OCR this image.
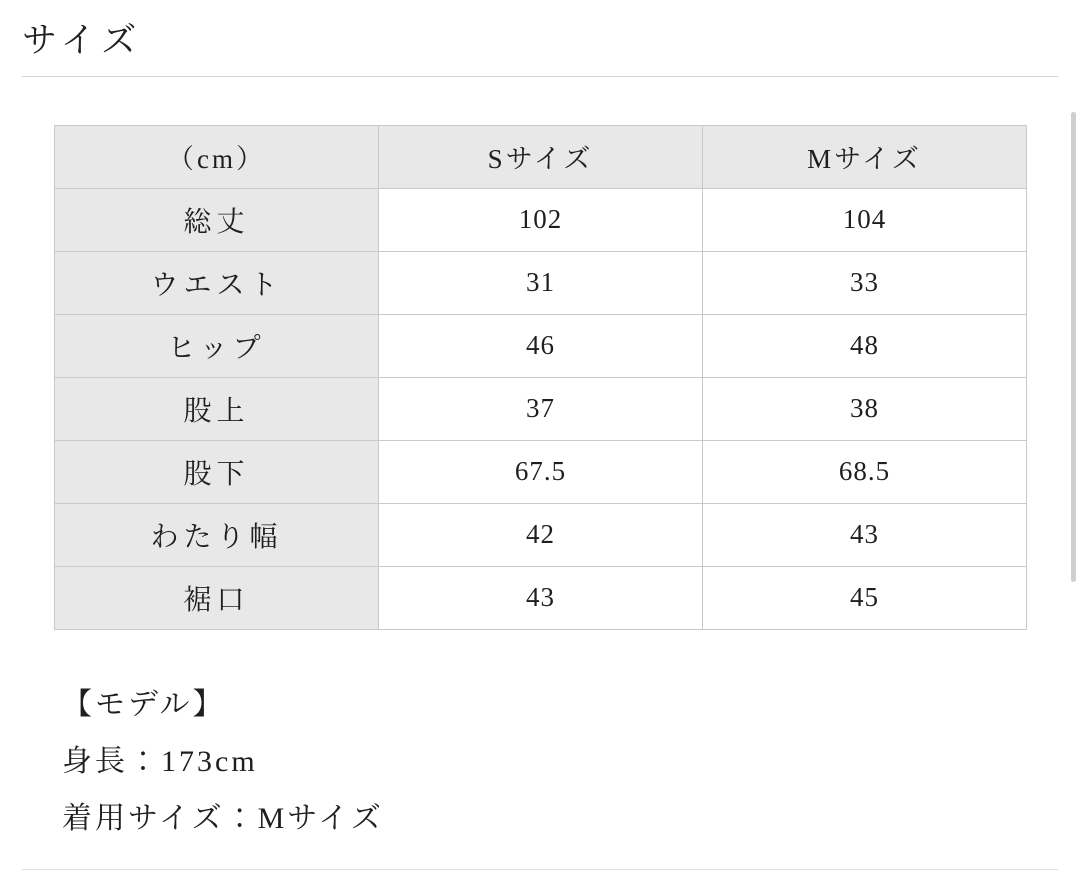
サイズ
（cm）	Sサイズ	Mサイズ
総丈	102	104
ウエスト	31	33
ヒップ	46	48
股上	37	38
股下	67.5	68.5
わたり幅	42	43
裾口	43	45
【モデル】
身長：173cm
着用サイズ：Mサイズ
